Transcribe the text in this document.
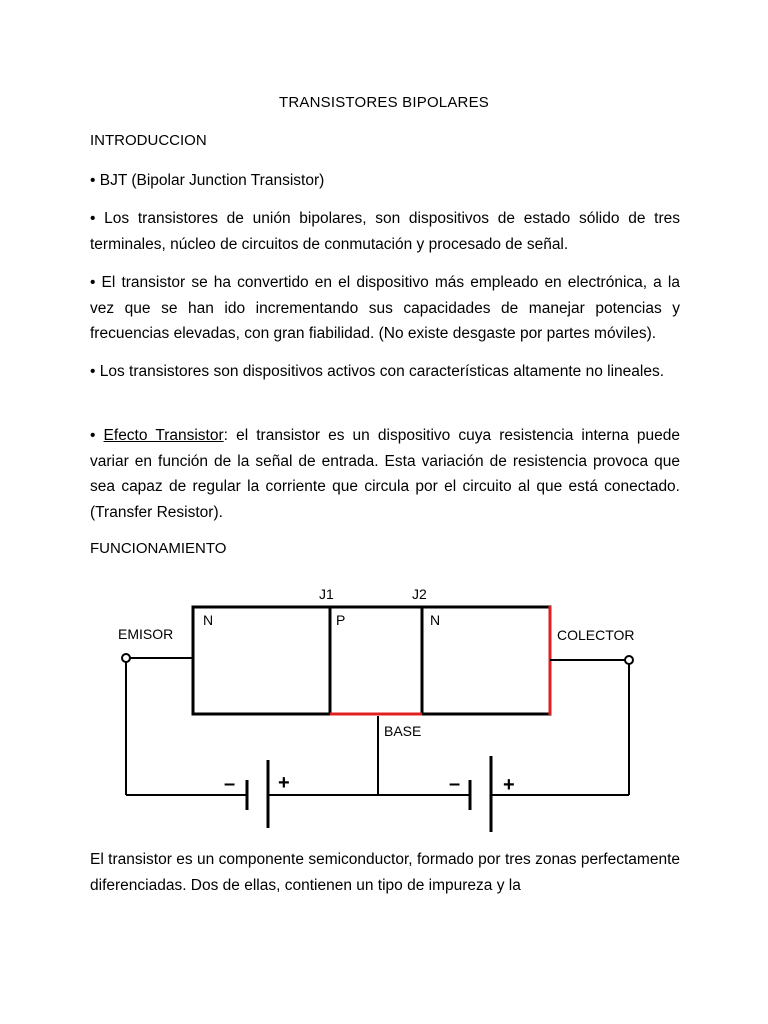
TRANSISTORES BIPOLARES
INTRODUCCION
• BJT (Bipolar Junction Transistor)
• Los transistores de unión bipolares, son dispositivos de estado sólido de tres terminales, núcleo de circuitos de conmutación y procesado de señal.
• El transistor se ha convertido en el dispositivo más empleado en electrónica, a la vez que se han ido incrementando sus capacidades de manejar potencias y frecuencias elevadas, con gran fiabilidad. (No existe desgaste por partes móviles).
• Los transistores son dispositivos activos con características altamente no lineales.
• Efecto Transistor: el transistor es un dispositivo cuya resistencia interna puede variar en función de la señal de entrada. Esta variación de resistencia provoca que sea capaz de regular la corriente que circula por el circuito al que está conectado. (Transfer Resistor).
FUNCIONAMIENTO
J1	J2
N	P	N
EMISOR	COLECTOR
BASE
– +	– +
El transistor es un componente semiconductor, formado por tres zonas perfectamente diferenciadas. Dos de ellas, contienen un tipo de impureza y la
